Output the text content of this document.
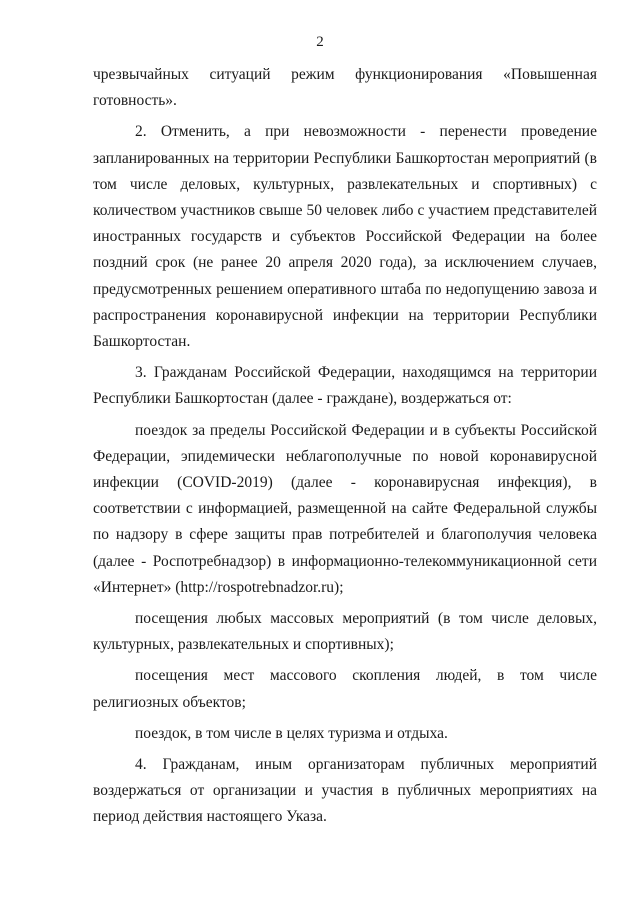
2

чрезвычайных ситуаций режим функционирования «Повышенная готовность».

2. Отменить, а при невозможности - перенести проведение запланированных на территории Республики Башкортостан мероприятий (в том числе деловых, культурных, развлекательных и спортивных) с количеством участников свыше 50 человек либо с участием представителей иностранных государств и субъектов Российской Федерации на более поздний срок (не ранее 20 апреля 2020 года), за исключением случаев, предусмотренных решением оперативного штаба по недопущению завоза и распространения коронавирусной инфекции на территории Республики Башкортостан.

3. Гражданам Российской Федерации, находящимся на территории Республики Башкортостан (далее - граждане), воздержаться от:

поездок за пределы Российской Федерации и в субъекты Российской Федерации, эпидемически неблагополучные по новой коронавирусной инфекции (COVID-2019) (далее - коронавирусная инфекция), в соответствии с информацией, размещенной на сайте Федеральной службы по надзору в сфере защиты прав потребителей и благополучия человека (далее - Роспотребнадзор) в информационно-телекоммуникационной сети «Интернет» (http://rospotrebnadzor.ru);

посещения любых массовых мероприятий (в том числе деловых, культурных, развлекательных и спортивных);

посещения мест массового скопления людей, в том числе религиозных объектов;

поездок, в том числе в целях туризма и отдыха.

4. Гражданам, иным организаторам публичных мероприятий воздержаться от организации и участия в публичных мероприятиях на период действия настоящего Указа.
